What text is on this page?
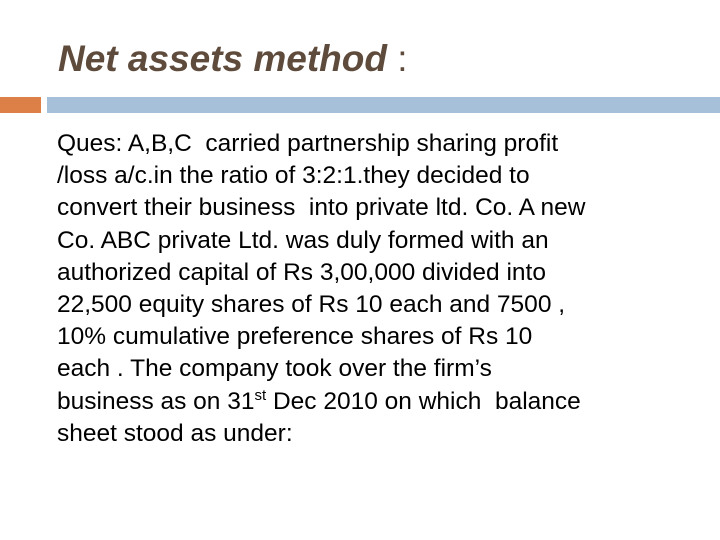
Net assets method :
Ques: A,B,C  carried partnership sharing profit
/loss a/c.in the ratio of 3:2:1.they decided to
convert their business  into private ltd. Co. A new
Co. ABC private Ltd. was duly formed with an
authorized capital of Rs 3,00,000 divided into
22,500 equity shares of Rs 10 each and 7500 ,
10% cumulative preference shares of Rs 10
each . The company took over the firm’s
business as on 31st Dec 2010 on which  balance
sheet stood as under:
